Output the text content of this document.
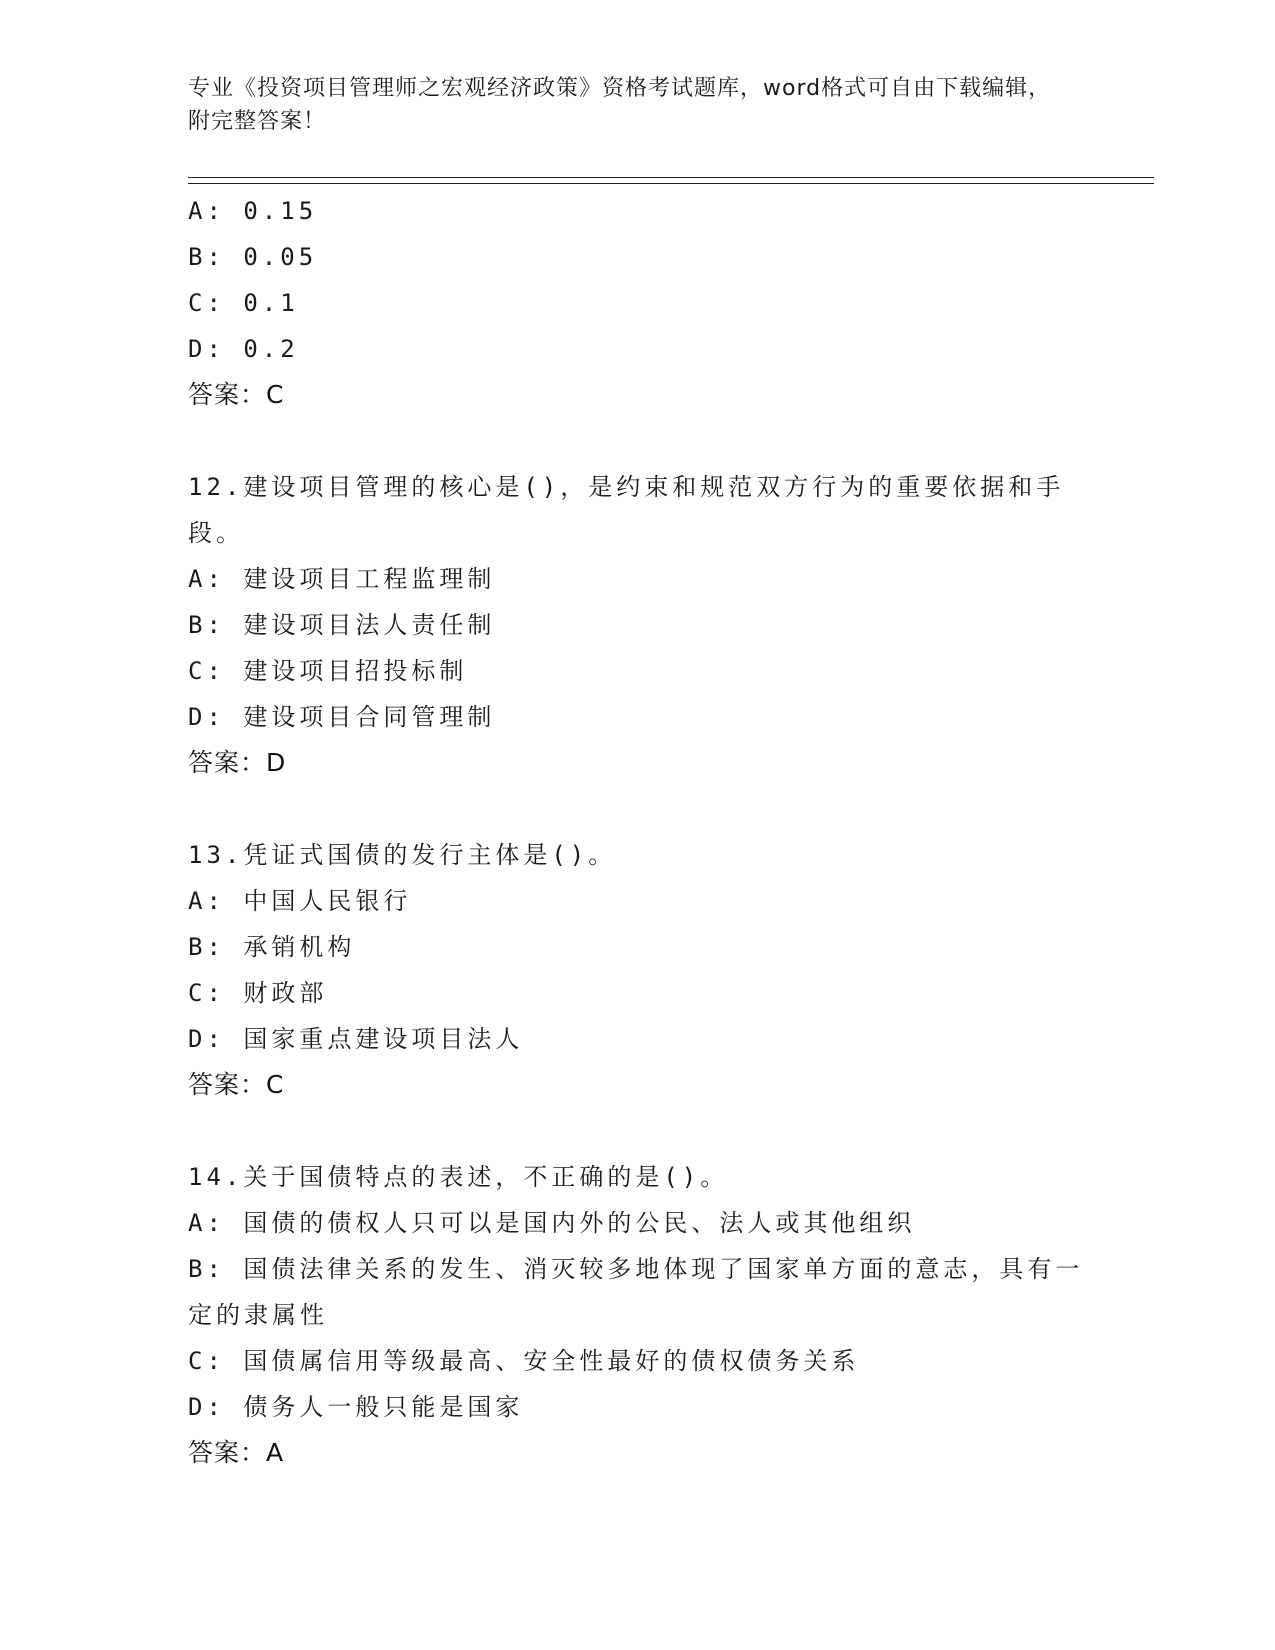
专业《投资项目管理师之宏观经济政策》资格考试题库，word格式可自由下载编辑，附完整答案！
A: 0.15
B: 0.05
C: 0.1
D: 0.2
答案：C
12.建设项目管理的核心是()，是约束和规范双方行为的重要依据和手段。
A: 建设项目工程监理制
B: 建设项目法人责任制
C: 建设项目招投标制
D: 建设项目合同管理制
答案：D
13.凭证式国债的发行主体是()。
A: 中国人民银行
B: 承销机构
C: 财政部
D: 国家重点建设项目法人
答案：C
14.关于国债特点的表述，不正确的是()。
A: 国债的债权人只可以是国内外的公民、法人或其他组织
B: 国债法律关系的发生、消灭较多地体现了国家单方面的意志，具有一定的隶属性
C: 国债属信用等级最高、安全性最好的债权债务关系
D: 债务人一般只能是国家
答案：A
